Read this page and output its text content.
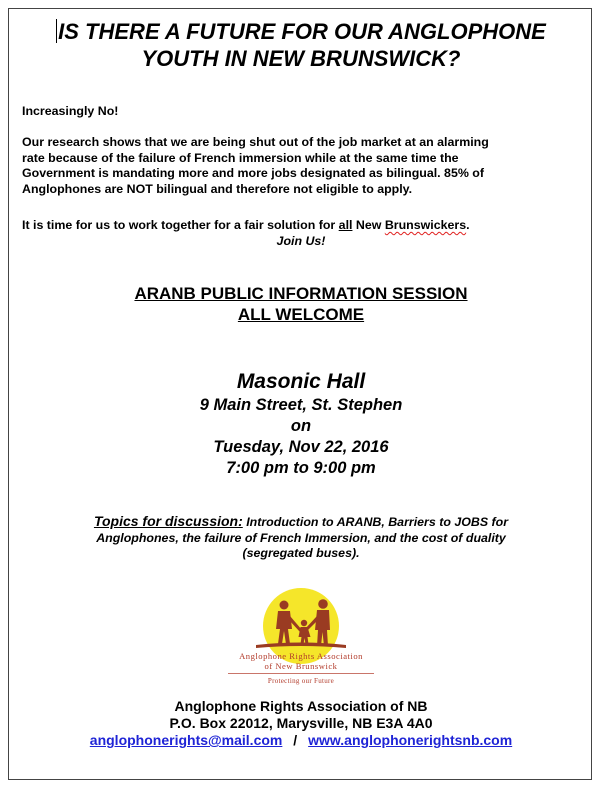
IS THERE A FUTURE FOR OUR ANGLOPHONE
YOUTH IN NEW BRUNSWICK?
Increasingly No!
Our research shows that we are being shut out of the job market at an alarming
rate because of the failure of French immersion while at the same time the
Government is mandating more and more jobs designated as bilingual. 85% of
Anglophones are NOT bilingual and therefore not eligible to apply.
It is time for us to work together for a fair solution for all New Brunswickers.
Join Us!
ARANB PUBLIC INFORMATION SESSION
ALL WELCOME
Masonic Hall
9 Main Street, St. Stephen
on
Tuesday, Nov 22, 2016
7:00 pm to 9:00 pm
Topics for discussion: Introduction to ARANB, Barriers to JOBS for
Anglophones, the failure of French Immersion, and the cost of duality
(segregated buses).
Anglophone Rights Association
of New Brunswick
Protecting our Future
Anglophone Rights Association of NB
P.O. Box 22012, Marysville, NB E3A 4A0
anglophonerights@mail.com / www.anglophonerightsnb.com
